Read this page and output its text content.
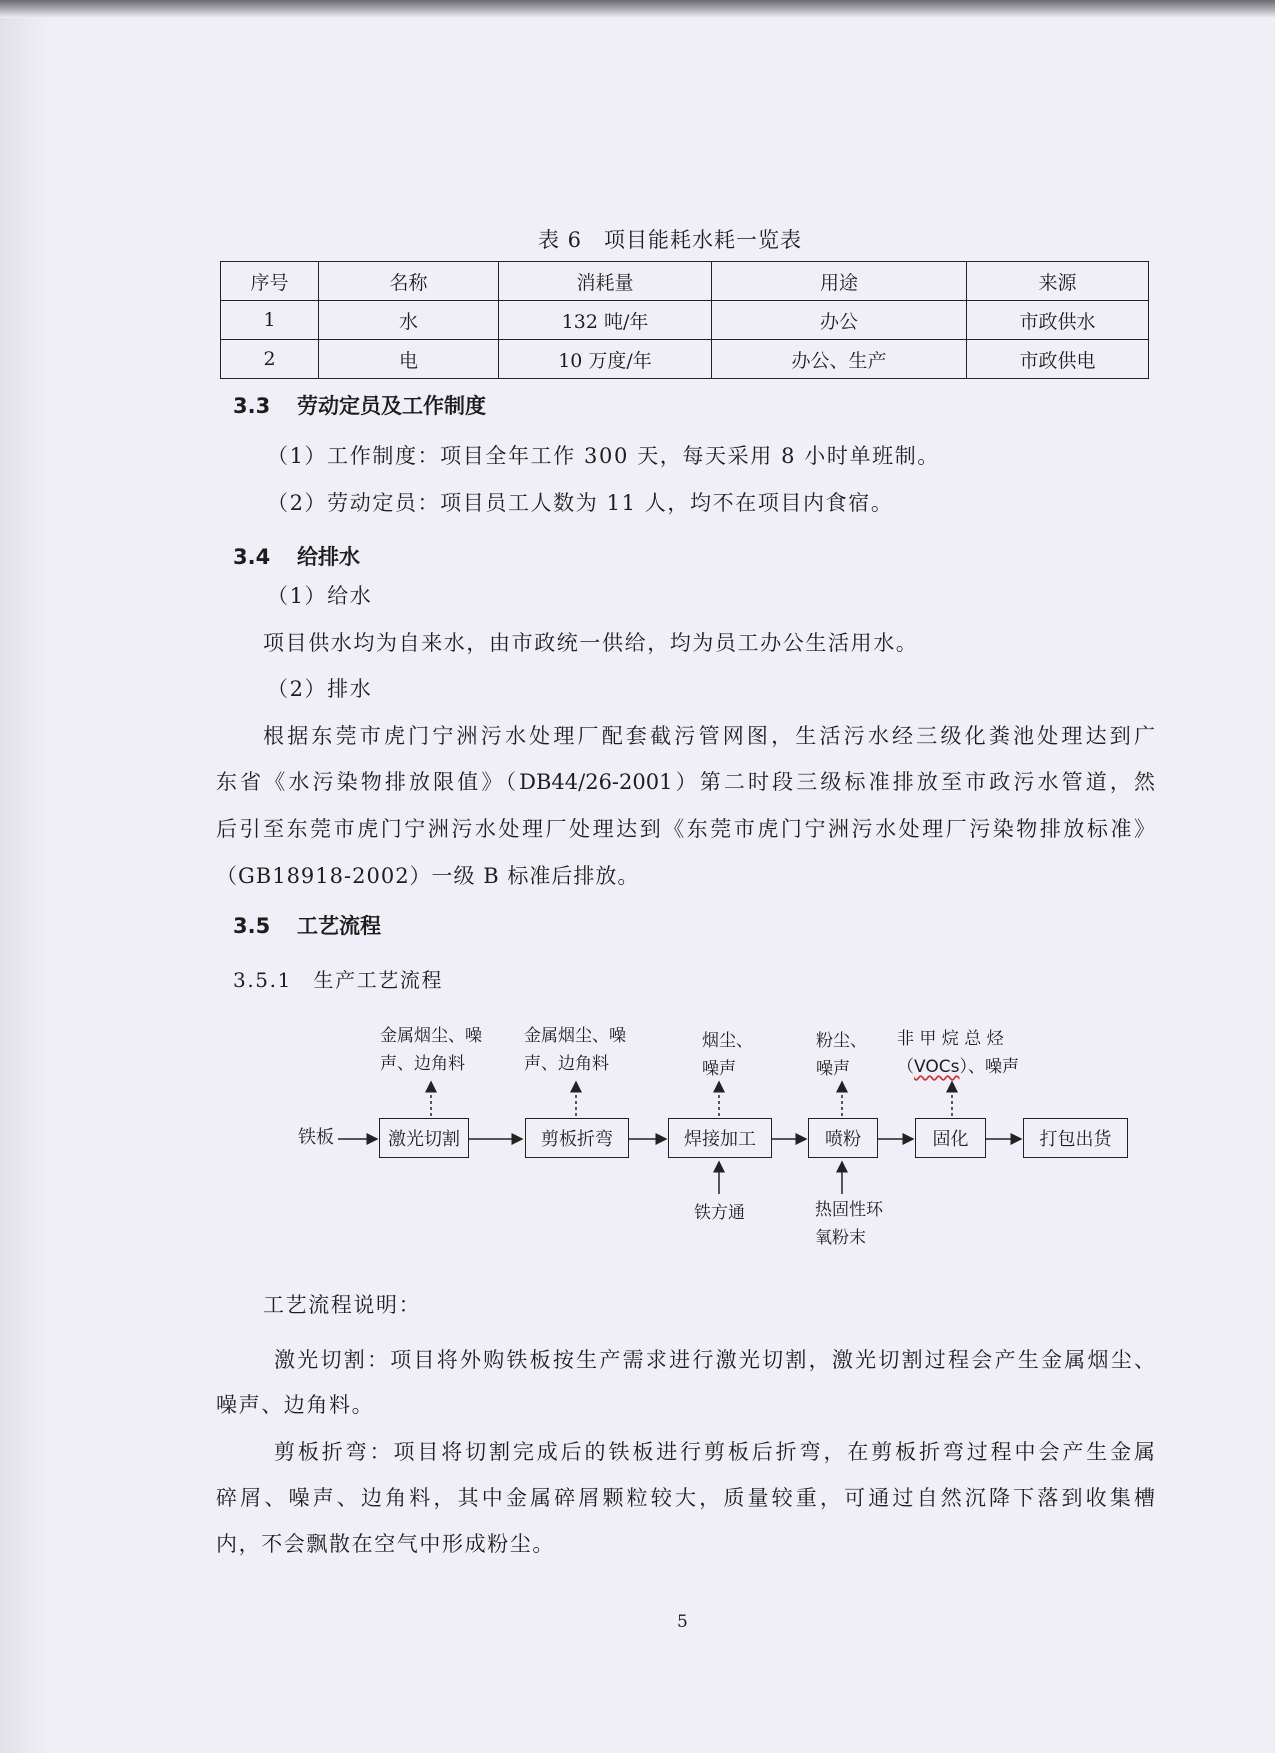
表 6　项目能耗水耗一览表
序号	名称	消耗量	用途	来源
1	水	132 吨/年	办公	市政供水
2	电	10 万度/年	办公、生产	市政供电
3.3 劳动定员及工作制度
（1）工作制度：项目全年工作 300 天，每天采用 8 小时单班制。
（2）劳动定员：项目员工人数为 11 人，均不在项目内食宿。
3.4 给排水
（1）给水
项目供水均为自来水，由市政统一供给，均为员工办公生活用水。
（2）排水
根据东莞市虎门宁洲污水处理厂配套截污管网图，生活污水经三级化粪池处理达到广
东省《水污染物排放限值》（DB44/26-2001）第二时段三级标准排放至市政污水管道，然
后引至东莞市虎门宁洲污水处理厂处理达到《东莞市虎门宁洲污水处理厂污染物排放标准》
（GB18918-2002）一级 B 标准后排放。
3.5 工艺流程
3.5.1　生产工艺流程
铁板	激光切割	剪板折弯	焊接加工	喷粉	固化	打包出货
金属烟尘、噪
声、边角料
金属烟尘、噪
声、边角料
烟尘、
噪声
粉尘、
噪声
非 甲 烷 总 烃
（VOCs）、噪声
铁方通	热固性环
氧粉末
工艺流程说明：
激光切割：项目将外购铁板按生产需求进行激光切割，激光切割过程会产生金属烟尘、
噪声、边角料。
剪板折弯：项目将切割完成后的铁板进行剪板后折弯，在剪板折弯过程中会产生金属
碎屑、噪声、边角料，其中金属碎屑颗粒较大，质量较重，可通过自然沉降下落到收集槽
内，不会飘散在空气中形成粉尘。
5
